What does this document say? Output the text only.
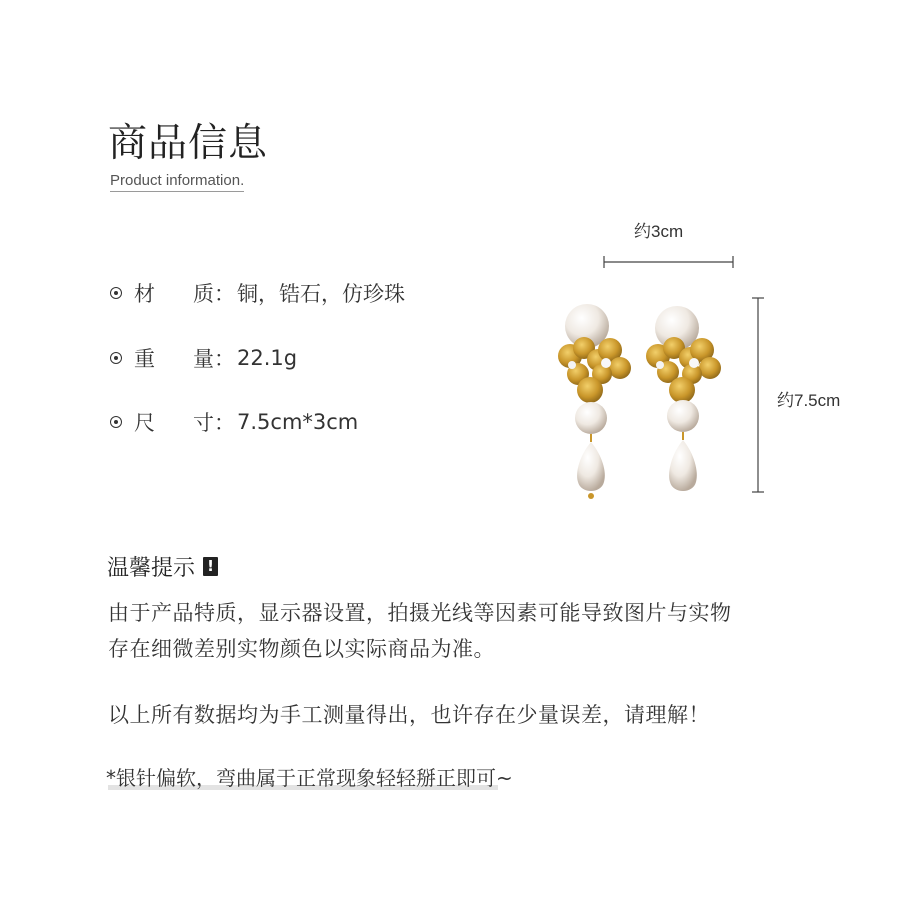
商品信息
Product information.
材 质 ： 铜，锆石，仿珍珠
重 量 ： 22.1g
尺 寸 ： 7.5cm*3cm
约3cm
约7.5cm
温馨提示 !
由于产品特质，显示器设置，拍摄光线等因素可能导致图片与实物
存在细微差别实物颜色以实际商品为准。
以上所有数据均为手工测量得出，也许存在少量误差，请理解！
*银针偏软，弯曲属于正常现象轻轻掰正即可~
